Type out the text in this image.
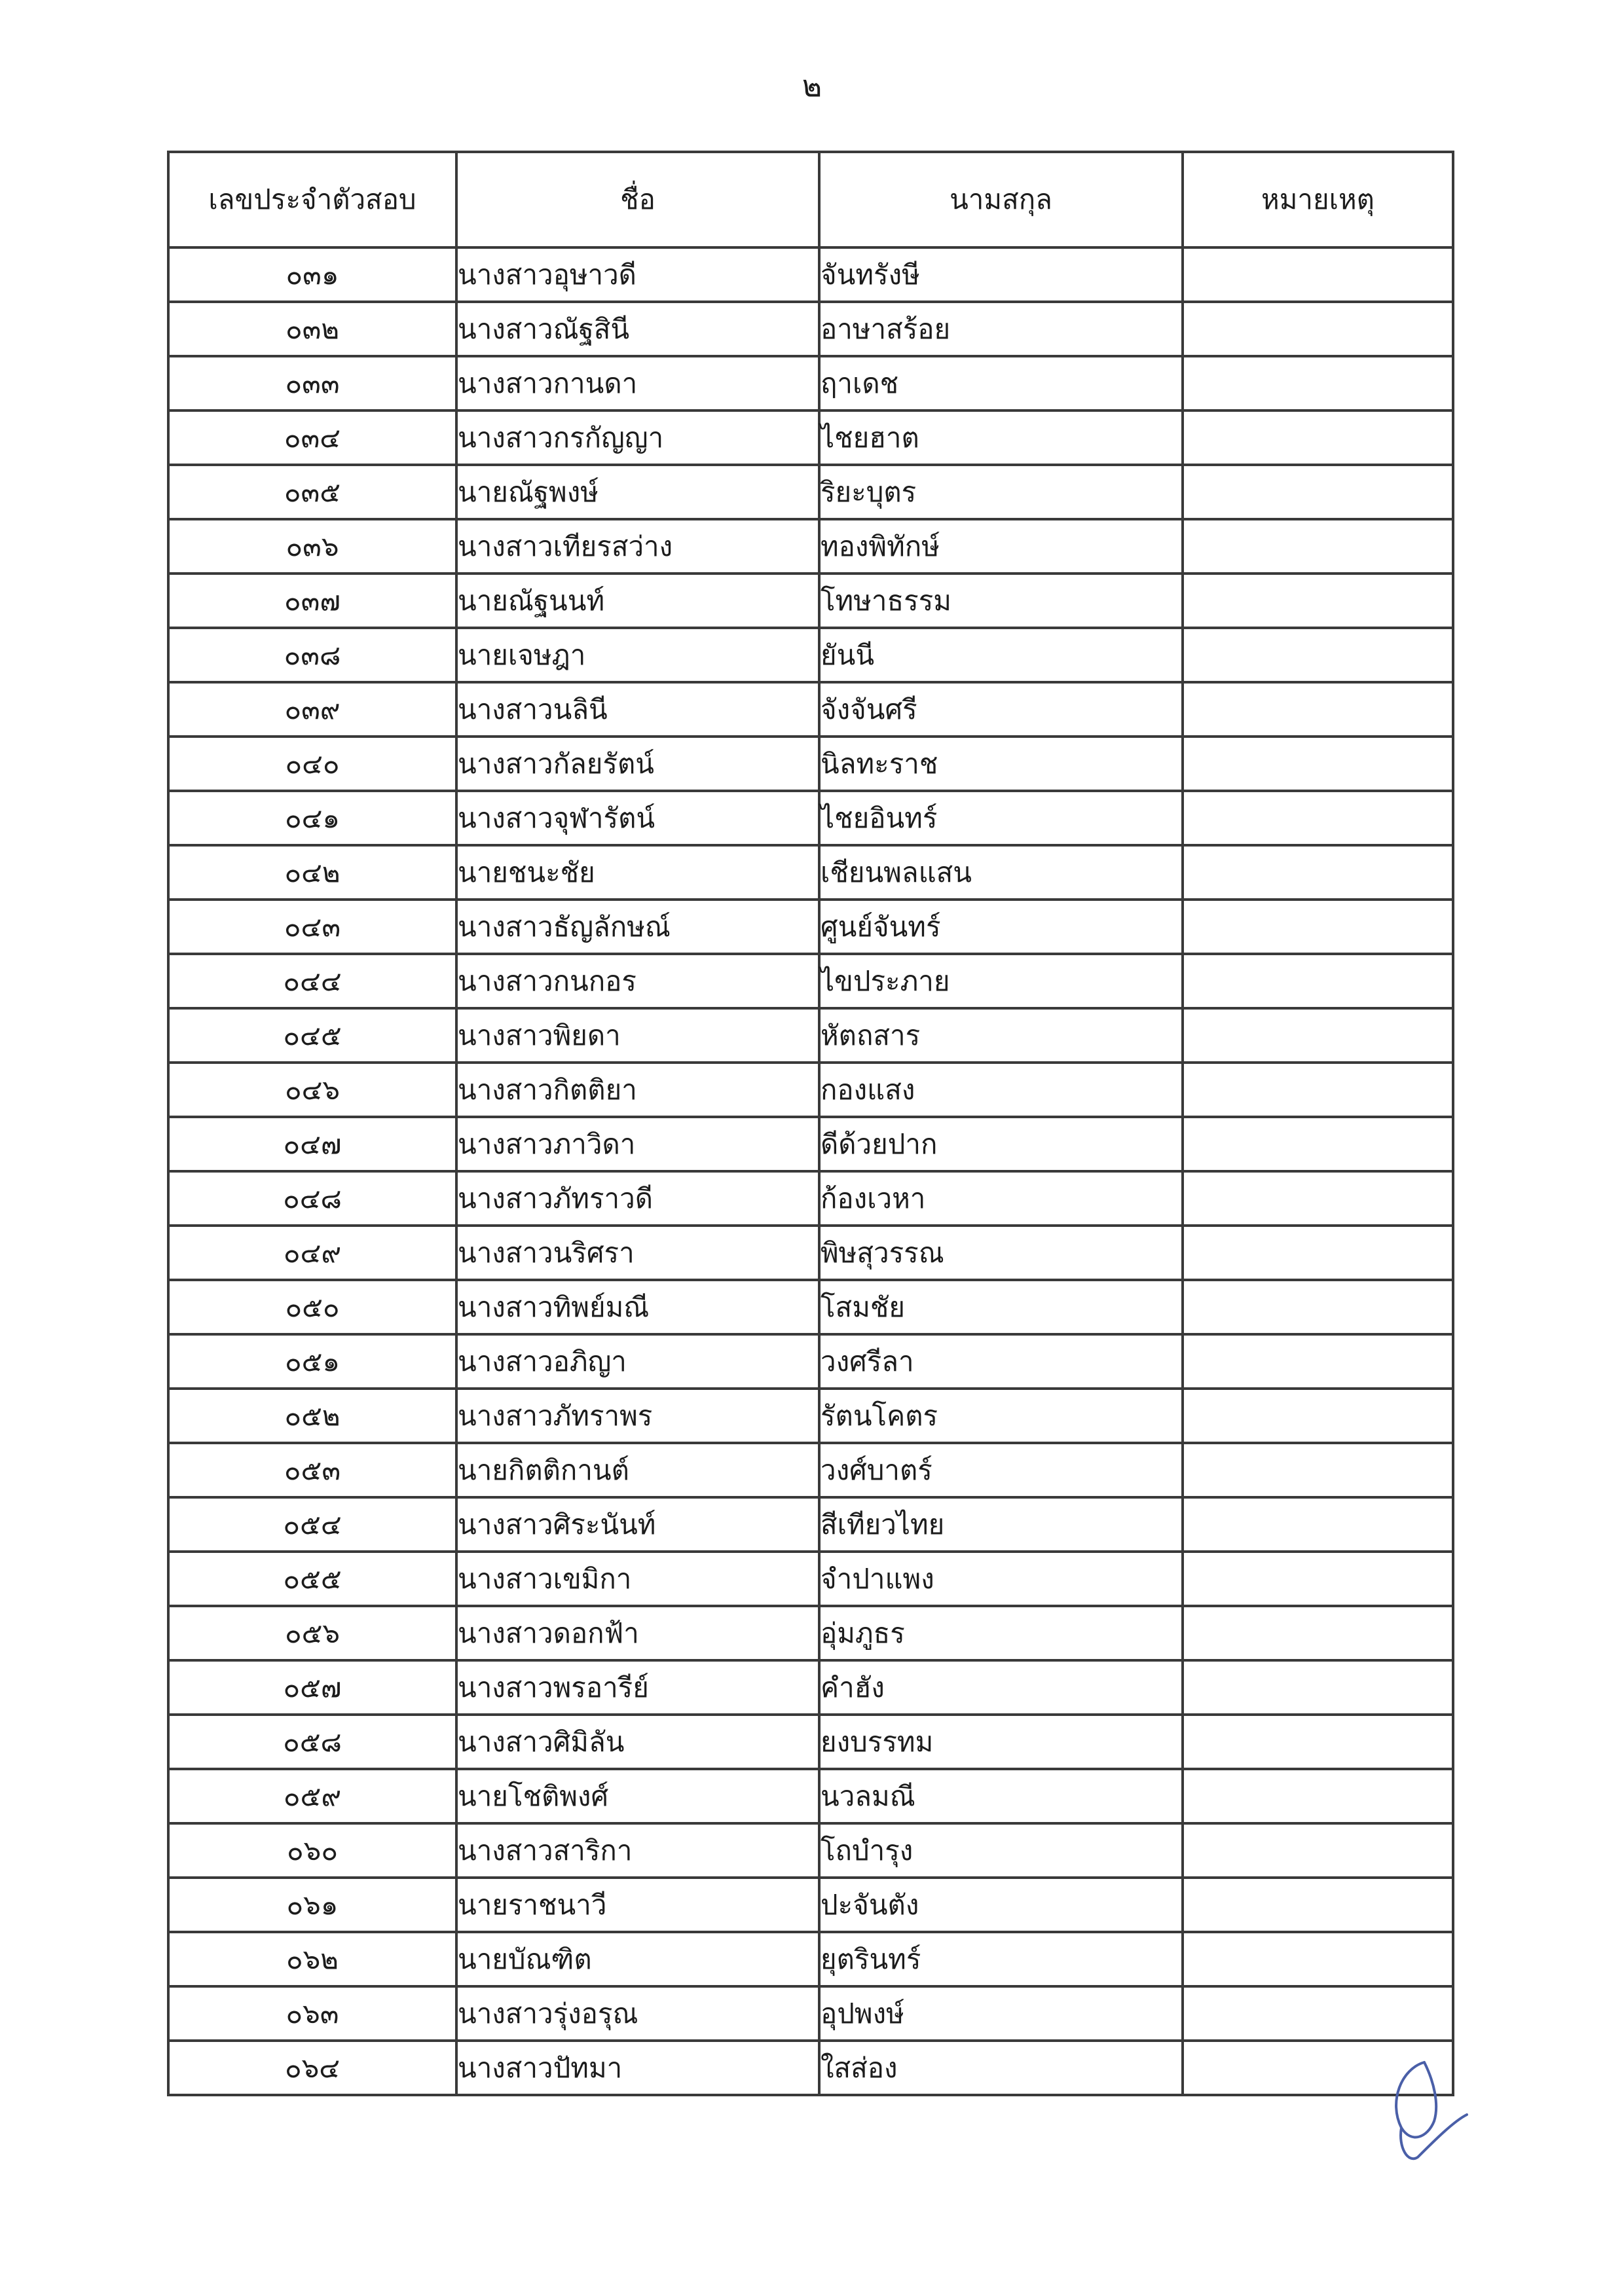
๒
เลขประจำตัวสอบ	ชื่อ	นามสกุล	หมายเหตุ
๐๓๑	นางสาวอุษาวดี	จันทรังษี	
๐๓๒	นางสาวณัฐสินี	อาษาสร้อย	
๐๓๓	นางสาวกานดา	ฤาเดช	
๐๓๔	นางสาวกรกัญญา	ไชยฮาต	
๐๓๕	นายณัฐพงษ์	ริยะบุตร	
๐๓๖	นางสาวเทียรสว่าง	ทองพิทักษ์	
๐๓๗	นายณัฐนนท์	โทษาธรรม	
๐๓๘	นายเจษฎา	ยันนี	
๐๓๙	นางสาวนลินี	จังจันศรี	
๐๔๐	นางสาวกัลยรัตน์	นิลทะราช	
๐๔๑	นางสาวจุฬารัตน์	ไชยอินทร์	
๐๔๒	นายชนะชัย	เชียนพลแสน	
๐๔๓	นางสาวธัญลักษณ์	ศูนย์จันทร์	
๐๔๔	นางสาวกนกอร	ไขประภาย	
๐๔๕	นางสาวพิยดา	หัตถสาร	
๐๔๖	นางสาวกิตติยา	กองแสง	
๐๔๗	นางสาวภาวิดา	ดีด้วยปาก	
๐๔๘	นางสาวภัทราวดี	ก้องเวหา	
๐๔๙	นางสาวนริศรา	พิษสุวรรณ	
๐๕๐	นางสาวทิพย์มณี	โสมชัย	
๐๕๑	นางสาวอภิญา	วงศรีลา	
๐๕๒	นางสาวภัทราพร	รัตนโคตร	
๐๕๓	นายกิตติกานต์	วงศ์บาตร์	
๐๕๔	นางสาวศิระนันท์	สีเทียวไทย	
๐๕๕	นางสาวเขมิกา	จำปาแพง	
๐๕๖	นางสาวดอกฟ้า	อุ่มภูธร	
๐๕๗	นางสาวพรอารีย์	คำฮัง	
๐๕๘	นางสาวศิมิลัน	ยงบรรทม	
๐๕๙	นายโชติพงศ์	นวลมณี	
๐๖๐	นางสาวสาริกา	โถบำรุง	
๐๖๑	นายราชนาวี	ปะจันตัง	
๐๖๒	นายบัณฑิต	ยุตรินทร์	
๐๖๓	นางสาวรุ่งอรุณ	อุปพงษ์	
๐๖๔	นางสาวปัทมา	ใสส่อง	
